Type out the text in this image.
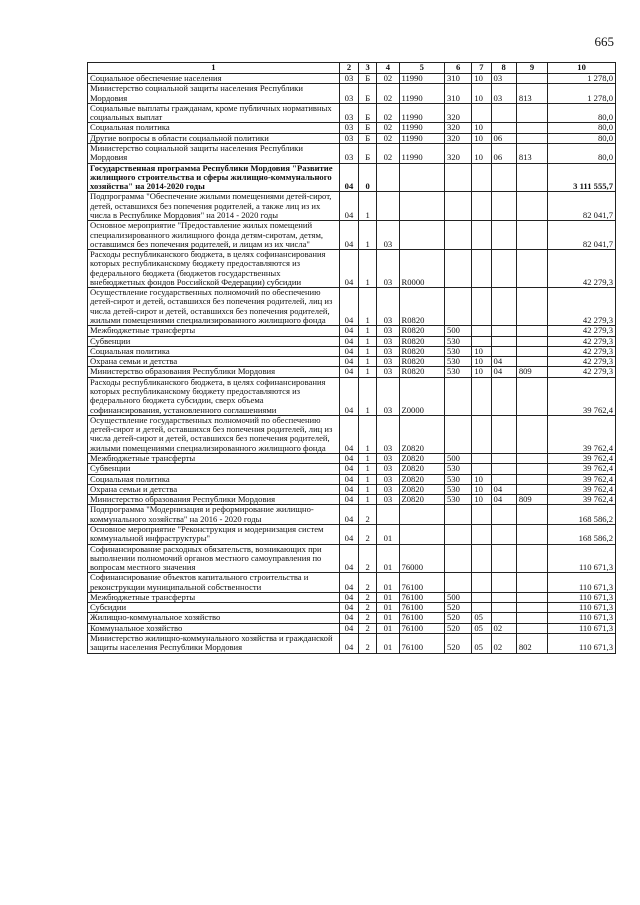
665
1	2	3	4	5	6	7	8	9	10
Социальное обеспечение населения	03	Б	02	11990	310	10	03		1 278,0
Министерство социальной защиты населения Республики Мордовия	03	Б	02	11990	310	10	03	813	1 278,0
Социальные выплаты гражданам, кроме публичных нормативных социальных выплат	03	Б	02	11990	320				80,0
Социальная политика	03	Б	02	11990	320	10			80,0
Другие вопросы в области социальной политики	03	Б	02	11990	320	10	06		80,0
Министерство социальной защиты населения Республики Мордовия	03	Б	02	11990	320	10	06	813	80,0
Государственная программа Республики Мордовия "Развитие жилищного строительства и сферы жилищно-коммунального хозяйства" на 2014-2020 годы	04	0							3 111 555,7
Подпрограмма "Обеспечение жилыми помещениями детей-сирот, детей, оставшихся без попечения родителей, а также лиц из их числа в Республике Мордовия" на 2014 - 2020 годы	04	1							82 041,7
Основное мероприятие "Предоставление жилых помещений специализированного жилищного фонда детям-сиротам, детям, оставшимся без попечения родителей, и лицам из их числа"	04	1	03						82 041,7
Расходы республиканского бюджета, в целях софинансирования которых республиканскому бюджету предоставляются из федерального бюджета (бюджетов государственных внебюджетных фондов Российской Федерации) субсидии	04	1	03	R0000					42 279,3
Осуществление государственных полномочий по обеспечению детей-сирот и детей, оставшихся без попечения родителей, лиц из числа детей-сирот и детей, оставшихся без попечения родителей, жилыми помещениями специализированного жилищного фонда	04	1	03	R0820					42 279,3
Межбюджетные трансферты	04	1	03	R0820	500				42 279,3
Субвенции	04	1	03	R0820	530				42 279,3
Социальная политика	04	1	03	R0820	530	10			42 279,3
Охрана семьи и детства	04	1	03	R0820	530	10	04		42 279,3
Министерство образования Республики Мордовия	04	1	03	R0820	530	10	04	809	42 279,3
Расходы республиканского бюджета, в целях софинансирования которых республиканскому бюджету предоставляются из федерального бюджета субсидии, сверх объема софинансирования, установленного соглашениями	04	1	03	Z0000					39 762,4
Осуществление государственных полномочий по обеспечению детей-сирот и детей, оставшихся без попечения родителей, лиц из числа детей-сирот и детей, оставшихся без попечения родителей, жилыми помещениями специализированного жилищного фонда	04	1	03	Z0820					39 762,4
Межбюджетные трансферты	04	1	03	Z0820	500				39 762,4
Субвенции	04	1	03	Z0820	530				39 762,4
Социальная политика	04	1	03	Z0820	530	10			39 762,4
Охрана семьи и детства	04	1	03	Z0820	530	10	04		39 762,4
Министерство образования Республики Мордовия	04	1	03	Z0820	530	10	04	809	39 762,4
Подпрограмма "Модернизация и реформирование жилищно-коммунального хозяйства" на 2016 - 2020 годы	04	2							168 586,2
Основное мероприятие "Реконструкция и модернизация систем коммунальной инфраструктуры"	04	2	01						168 586,2
Софинансирование расходных обязательств, возникающих при выполнении полномочий органов местного самоуправления по вопросам местного значения	04	2	01	76000					110 671,3
Софинансирование объектов капитального строительства и реконструкции муниципальной собственности	04	2	01	76100					110 671,3
Межбюджетные трансферты	04	2	01	76100	500				110 671,3
Субсидии	04	2	01	76100	520				110 671,3
Жилищно-коммунальное хозяйство	04	2	01	76100	520	05			110 671,3
Коммунальное хозяйство	04	2	01	76100	520	05	02		110 671,3
Министерство жилищно-коммунального хозяйства и гражданской защиты населения Республики Мордовия	04	2	01	76100	520	05	02	802	110 671,3
